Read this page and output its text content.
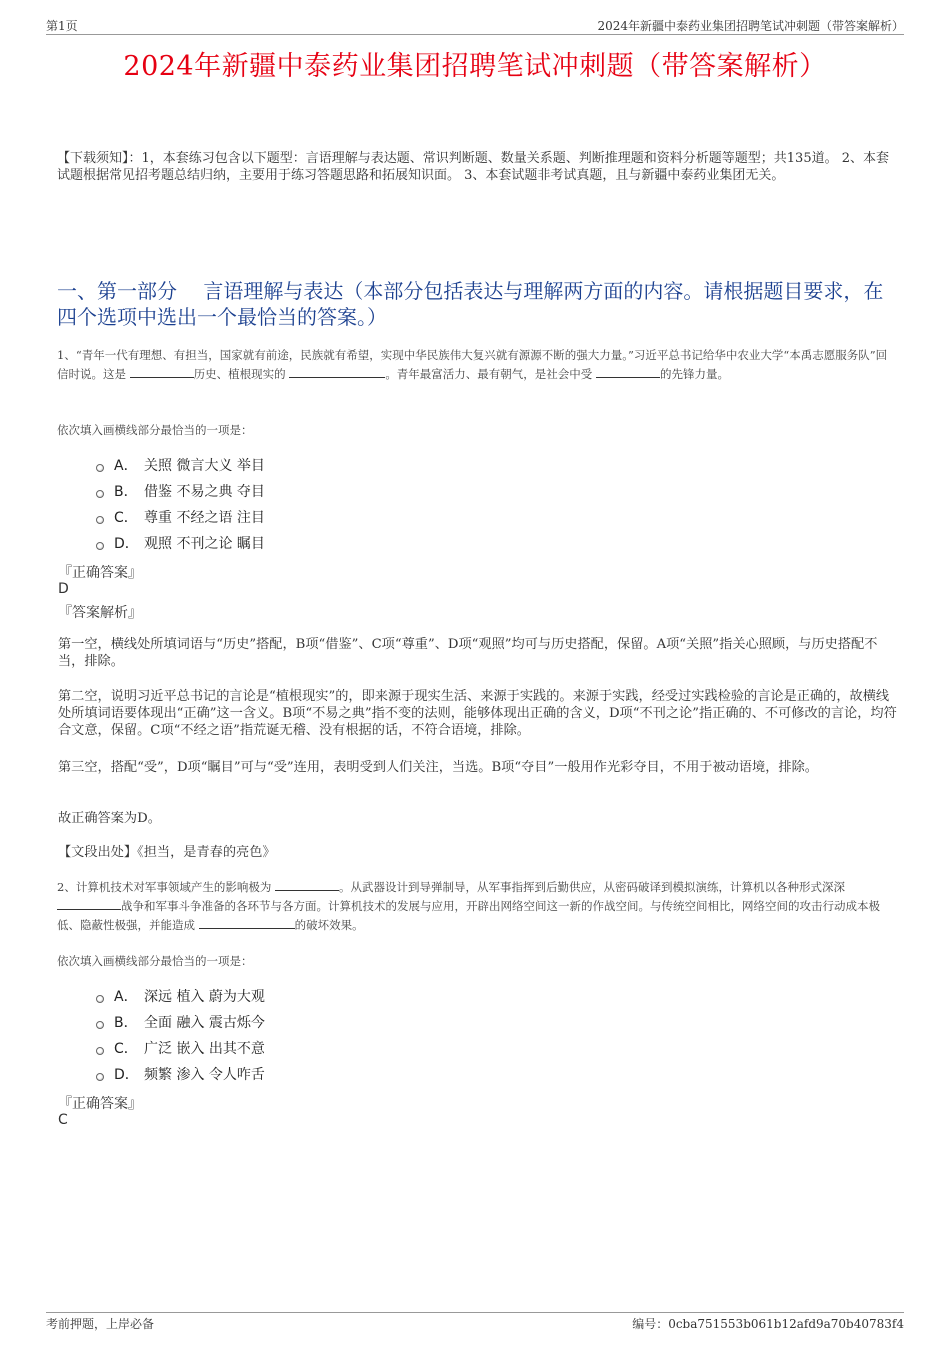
第1页	2024年新疆中泰药业集团招聘笔试冲刺题（带答案解析）
2024年新疆中泰药业集团招聘笔试冲刺题（带答案解析）
【下载须知】：1，本套练习包含以下题型：言语理解与表达题、常识判断题、数量关系题、判断推理题和资料分析题等题型；共135道。 2、本套试题根据常见招考题总结归纳，主要用于练习答题思路和拓展知识面。 3、本套试题非考试真题，且与新疆中泰药业集团无关。
一、第一部分　 言语理解与表达（本部分包括表达与理解两方面的内容。请根据题目要求，在四个选项中选出一个最恰当的答案。）
1、“青年一代有理想、有担当，国家就有前途，民族就有希望，实现中华民族伟大复兴就有源源不断的强大力量。”习近平总书记给华中农业大学“本禹志愿服务队”回信时说。这是	历史、植根现实的	。青年最富活力、最有朝气，是社会中受	的先锋力量。
依次填入画横线部分最恰当的一项是：
A． 关照 微言大义 举目
B． 借鉴 不易之典 夺目
C． 尊重 不经之语 注目
D． 观照 不刊之论 瞩目
『正确答案』
D
『答案解析』
第一空，横线处所填词语与“历史”搭配，B项“借鉴”、C项“尊重”、D项“观照”均可与历史搭配，保留。A项“关照”指关心照顾，与历史搭配不当，排除。
第二空，说明习近平总书记的言论是“植根现实”的，即来源于现实生活、来源于实践的。来源于实践，经受过实践检验的言论是正确的，故横线处所填词语要体现出“正确”这一含义。B项“不易之典”指不变的法则，能够体现出正确的含义，D项“不刊之论”指正确的、不可修改的言论，均符合文意，保留。C项“不经之语”指荒诞无稽、没有根据的话，不符合语境，排除。
第三空，搭配“受”，D项“瞩目”可与“受”连用，表明受到人们关注，当选。B项“夺目”一般用作光彩夺目，不用于被动语境，排除。
故正确答案为D。
【文段出处】《担当，是青春的亮色》
2、计算机技术对军事领域产生的影响极为	。从武器设计到导弹制导，从军事指挥到后勤供应，从密码破译到模拟演练，计算机以各种形式深深 战争和军事斗争准备的各环节与各方面。计算机技术的发展与应用，开辟出网络空间这一新的作战空间。与传统空间相比，网络空间的攻击行动成本极低、隐蔽性极强，并能造成	的破坏效果。
依次填入画横线部分最恰当的一项是：
A． 深远 植入 蔚为大观
B． 全面 融入 震古烁今
C． 广泛 嵌入 出其不意
D． 频繁 渗入 令人咋舌
『正确答案』
C
考前押题，上岸必备	编号：0cba751553b061b12afd9a70b40783f4
